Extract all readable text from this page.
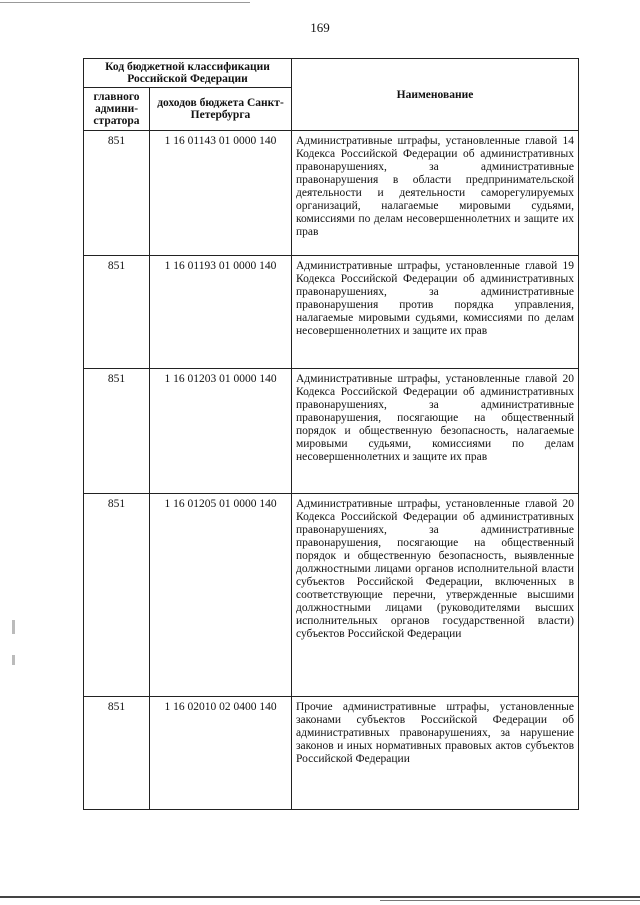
169
Код бюджетной классификации Российской Федерации		Наименование
главного админи-стратора	доходов бюджета Санкт-Петербурга	
851	1 16 01143 01 0000 140	Административные штрафы, установленные главой 14 Кодекса Российской Федерации об административных правонарушениях, за административные правонарушения в области предпринимательской деятельности и деятельности саморегулируемых организаций, налагаемые мировыми судьями, комиссиями по делам несовершеннолетних и защите их прав
851	1 16 01193 01 0000 140	Административные штрафы, установленные главой 19 Кодекса Российской Федерации об административных правонарушениях, за административные правонарушения против порядка управления, налагаемые мировыми судьями, комиссиями по делам несовершеннолетних и защите их прав
851	1 16 01203 01 0000 140	Административные штрафы, установленные главой 20 Кодекса Российской Федерации об административных правонарушениях, за административные правонарушения, посягающие на общественный порядок и общественную безопасность, налагаемые мировыми судьями, комиссиями по делам несовершеннолетних и защите их прав
851	1 16 01205 01 0000 140	Административные штрафы, установленные главой 20 Кодекса Российской Федерации об административных правонарушениях, за административные правонарушения, посягающие на общественный порядок и общественную безопасность, выявленные должностными лицами органов исполнительной власти субъектов Российской Федерации, включенных в соответствующие перечни, утвержденные высшими должностными лицами (руководителями высших исполнительных органов государственной власти) субъектов Российской Федерации
851	1 16 02010 02 0400 140	Прочие административные штрафы, установленные законами субъектов Российской Федерации об административных правонарушениях, за нарушение законов и иных нормативных правовых актов субъектов Российской Федерации
